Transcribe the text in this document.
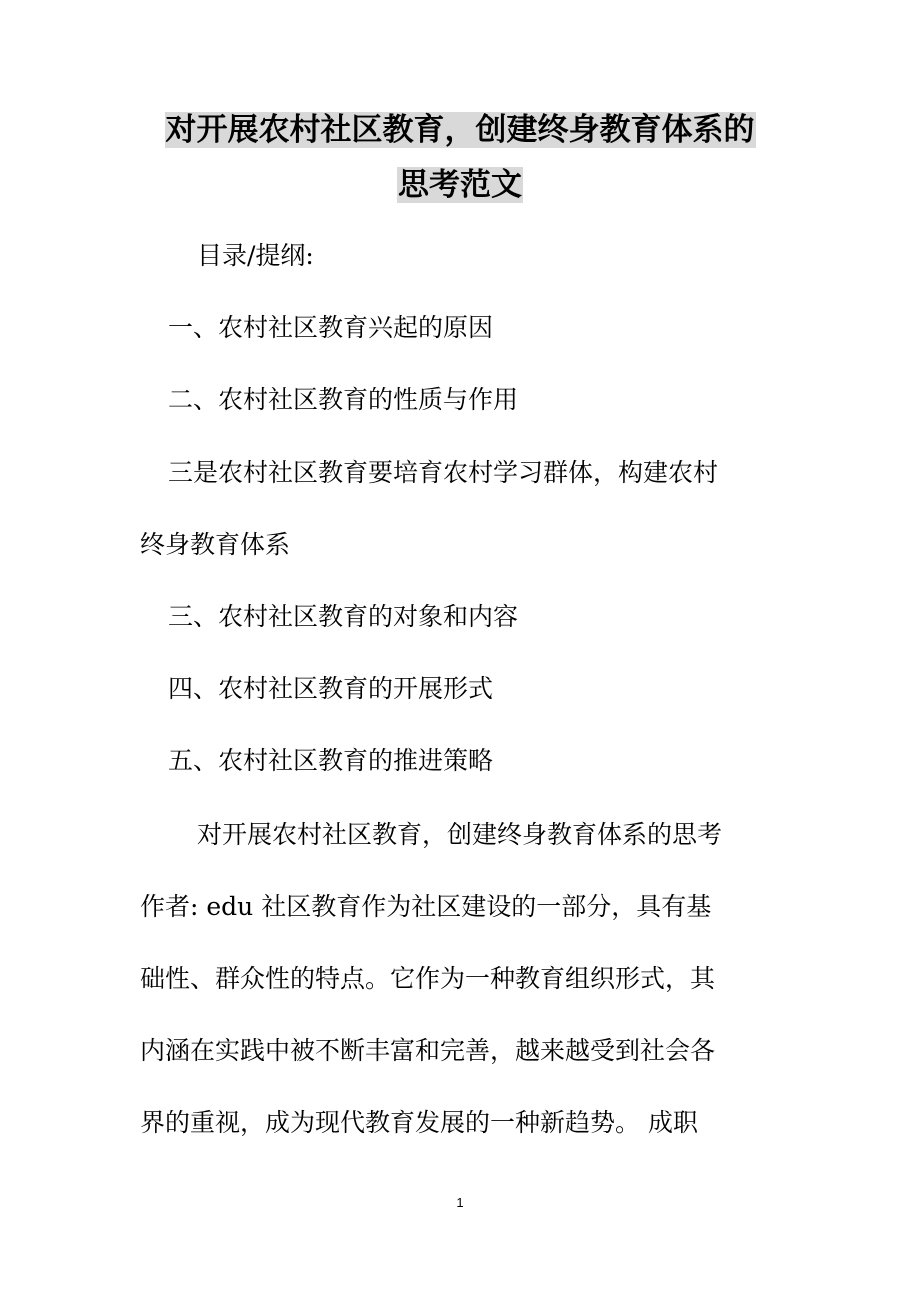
对开展农村社区教育，创建终身教育体系的
思考范文
目录/提纲:
一、农村社区教育兴起的原因
二、农村社区教育的性质与作用
三是农村社区教育要培育农村学习群体，构建农村
终身教育体系
三、农村社区教育的对象和内容
四、农村社区教育的开展形式
五、农村社区教育的推进策略
对开展农村社区教育，创建终身教育体系的思考
作者: edu 社区教育作为社区建设的一部分，具有基
础性、群众性的特点。它作为一种教育组织形式，其
内涵在实践中被不断丰富和完善，越来越受到社会各
界的重视，成为现代教育发展的一种新趋势。 成职
1
